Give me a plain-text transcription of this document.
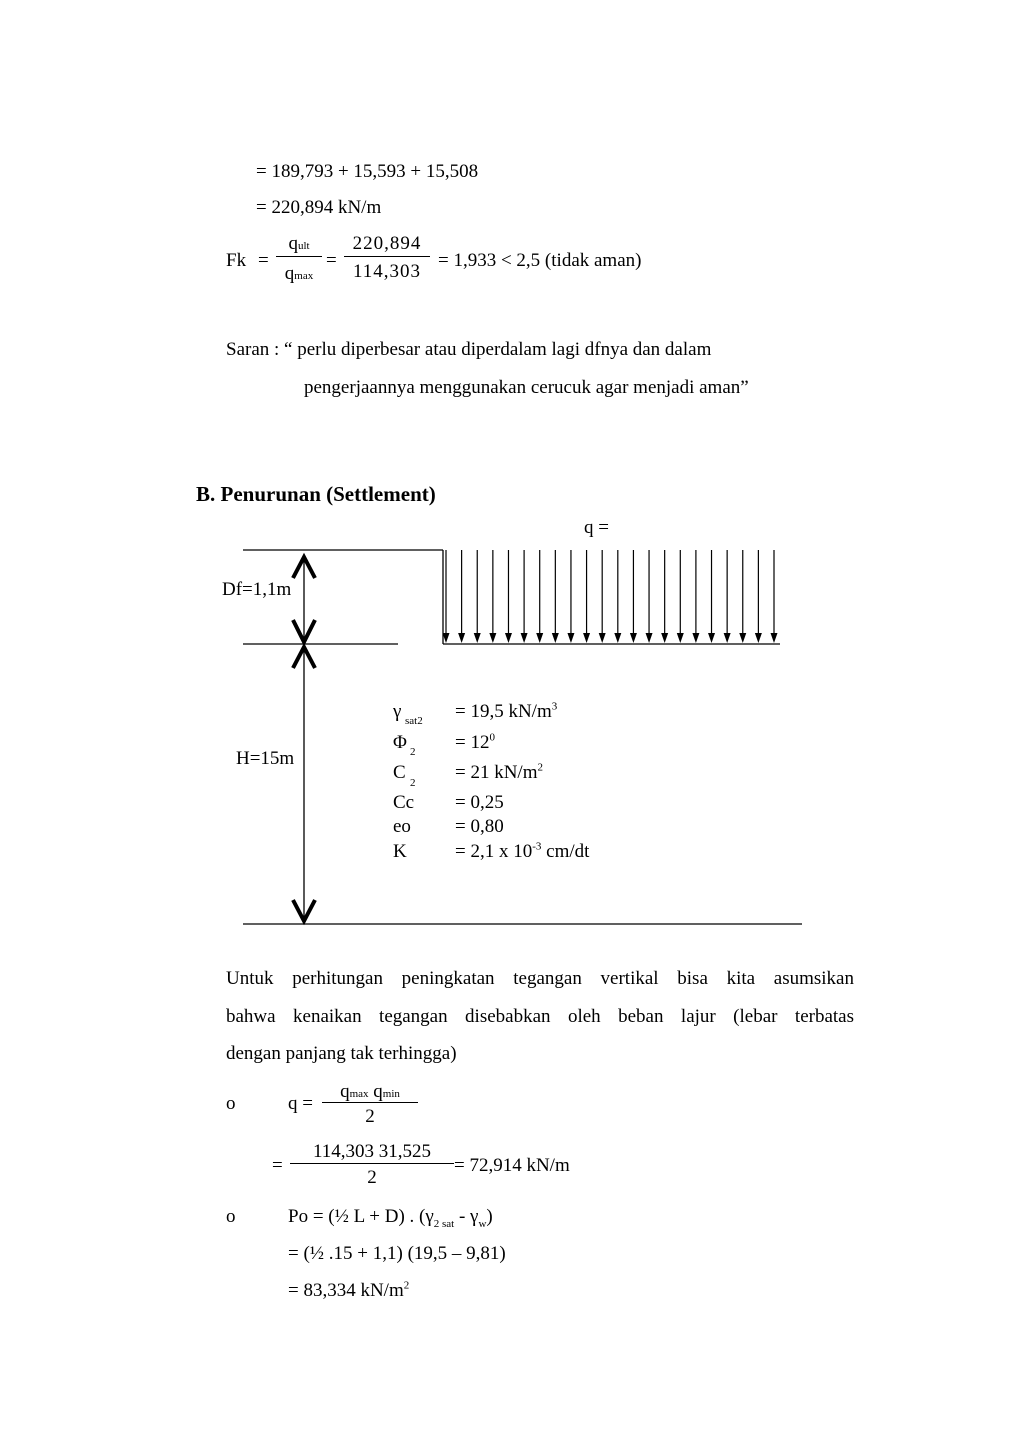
= 189,793 + 15,593 + 15,508
= 220,894 kN/m
Fk =
qult
qmax
=
220,894
114,303
= 1,933 < 2,5 (tidak aman)
Saran : “ perlu diperbesar atau diperdalam lagi dfnya dan dalam
pengerjaannya menggunakan cerucuk agar menjadi aman”
B. Penurunan (Settlement)
q =
Df=1,1m
H=15m
γ sat2 = 19,5 $kN/m^3$
Φ $2 = 12^0$
C 2 = 21 $kN/m^2$
Cc = 0,25
eo = 0,80
K	= 2,1 x $10^{-3}$ cm/dt
Untuk perhitungan peningkatan tegangan vertikal bisa kita asumsikan
bahwa kenaikan tegangan disebabkan oleh beban lajur (lebar terbatas
dengan panjang tak terhingga)
o	q =
qmax qmin
2
=
114,303 31,525
2
= 72,914 kN/m
o	Po = (½ L + D) . $(\gamma_{2 sat} - \gamma_w)$
= (½ .15 + 1,1) (19,5 – 9,81)
= 83,334 $kN/m^2$
